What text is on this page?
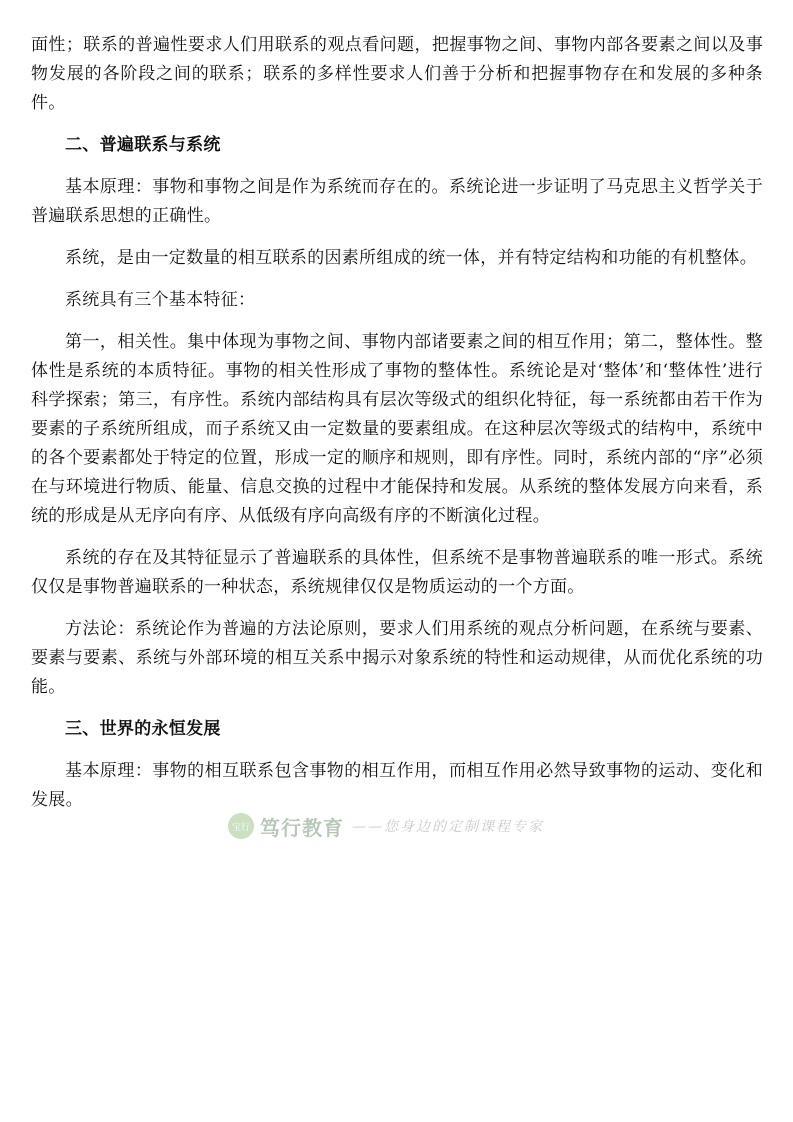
面性；联系的普遍性要求人们用联系的观点看问题，把握事物之间、事物内部各要素之间以及事物发展的各阶段之间的联系；联系的多样性要求人们善于分析和把握事物存在和发展的多种条件。

二、普遍联系与系统

基本原理：事物和事物之间是作为系统而存在的。系统论进一步证明了马克思主义哲学关于普遍联系思想的正确性。

系统，是由一定数量的相互联系的因素所组成的统一体，并有特定结构和功能的有机整体。

系统具有三个基本特征：

第一，相关性。集中体现为事物之间、事物内部诸要素之间的相互作用；第二，整体性。整体性是系统的本质特征。事物的相关性形成了事物的整体性。系统论是对‘整体’和‘整体性’进行科学探索；第三，有序性。系统内部结构具有层次等级式的组织化特征，每一系统都由若干作为要素的子系统所组成，而子系统又由一定数量的要素组成。在这种层次等级式的结构中，系统中的各个要素都处于特定的位置，形成一定的顺序和规则，即有序性。同时，系统内部的“序”必须在与环境进行物质、能量、信息交换的过程中才能保持和发展。从系统的整体发展方向来看，系统的形成是从无序向有序、从低级有序向高级有序的不断演化过程。

系统的存在及其特征显示了普遍联系的具体性，但系统不是事物普遍联系的唯一形式。系统仅仅是事物普遍联系的一种状态，系统规律仅仅是物质运动的一个方面。

方法论：系统论作为普遍的方法论原则，要求人们用系统的观点分析问题，在系统与要素、要素与要素、系统与外部环境的相互关系中揭示对象系统的特性和运动规律，从而优化系统的功能。

三、世界的永恒发展

基本原理：事物的相互联系包含事物的相互作用，而相互作用必然导致事物的运动、变化和发展。

宝行 笃行教育 ——您身边的定制课程专家
